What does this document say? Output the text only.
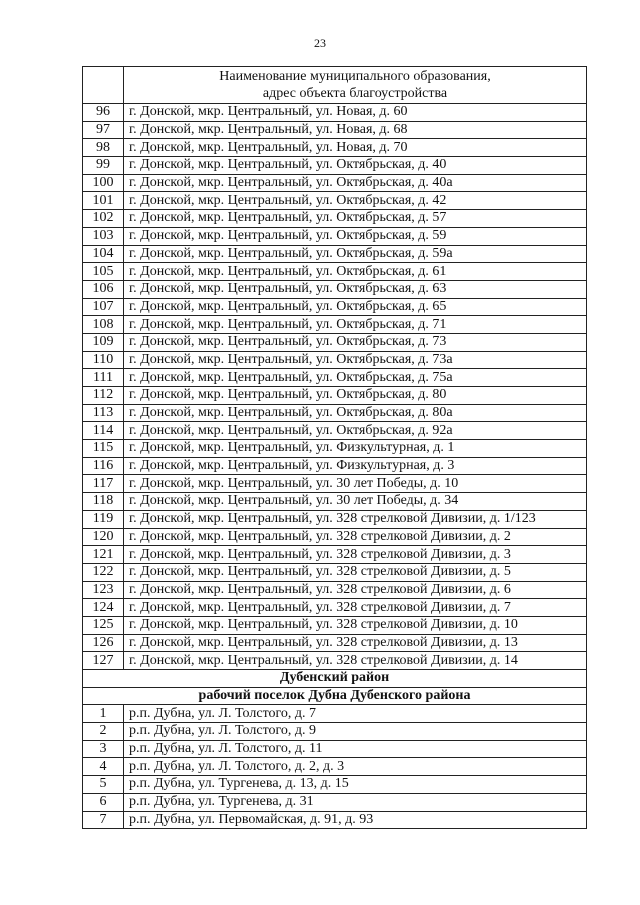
23

	Наименование муниципального образования,
адрес объекта благоустройства

96	г. Донской, мкр. Центральный, ул. Новая, д. 60
97	г. Донской, мкр. Центральный, ул. Новая, д. 68
98	г. Донской, мкр. Центральный, ул. Новая, д. 70
99	г. Донской, мкр. Центральный, ул. Октябрьская, д. 40
100	г. Донской, мкр. Центральный, ул. Октябрьская, д. 40а
101	г. Донской, мкр. Центральный, ул. Октябрьская, д. 42
102	г. Донской, мкр. Центральный, ул. Октябрьская, д. 57
103	г. Донской, мкр. Центральный, ул. Октябрьская, д. 59
104	г. Донской, мкр. Центральный, ул. Октябрьская, д. 59а
105	г. Донской, мкр. Центральный, ул. Октябрьская, д. 61
106	г. Донской, мкр. Центральный, ул. Октябрьская, д. 63
107	г. Донской, мкр. Центральный, ул. Октябрьская, д. 65
108	г. Донской, мкр. Центральный, ул. Октябрьская, д. 71
109	г. Донской, мкр. Центральный, ул. Октябрьская, д. 73
110	г. Донской, мкр. Центральный, ул. Октябрьская, д. 73а
111	г. Донской, мкр. Центральный, ул. Октябрьская, д. 75а
112	г. Донской, мкр. Центральный, ул. Октябрьская, д. 80
113	г. Донской, мкр. Центральный, ул. Октябрьская, д. 80а
114	г. Донской, мкр. Центральный, ул. Октябрьская, д. 92а
115	г. Донской, мкр. Центральный, ул. Физкультурная, д. 1
116	г. Донской, мкр. Центральный, ул. Физкультурная, д. 3
117	г. Донской, мкр. Центральный, ул. 30 лет Победы, д. 10
118	г. Донской, мкр. Центральный, ул. 30 лет Победы, д. 34
119	г. Донской, мкр. Центральный, ул. 328 стрелковой Дивизии, д. 1/123
120	г. Донской, мкр. Центральный, ул. 328 стрелковой Дивизии, д. 2
121	г. Донской, мкр. Центральный, ул. 328 стрелковой Дивизии, д. 3
122	г. Донской, мкр. Центральный, ул. 328 стрелковой Дивизии, д. 5
123	г. Донской, мкр. Центральный, ул. 328 стрелковой Дивизии, д. 6
124	г. Донской, мкр. Центральный, ул. 328 стрелковой Дивизии, д. 7
125	г. Донской, мкр. Центральный, ул. 328 стрелковой Дивизии, д. 10
126	г. Донской, мкр. Центральный, ул. 328 стрелковой Дивизии, д. 13
127	г. Донской, мкр. Центральный, ул. 328 стрелковой Дивизии, д. 14
Дубенский район	
рабочий поселок Дубна Дубенского района	
1	р.п. Дубна, ул. Л. Толстого, д. 7
2	р.п. Дубна, ул. Л. Толстого, д. 9
3	р.п. Дубна, ул. Л. Толстого, д. 11
4	р.п. Дубна, ул. Л. Толстого, д. 2, д. 3
5	р.п. Дубна, ул. Тургенева, д. 13, д. 15
6	р.п. Дубна, ул. Тургенева, д. 31
7	р.п. Дубна, ул. Первомайская, д. 91, д. 93
